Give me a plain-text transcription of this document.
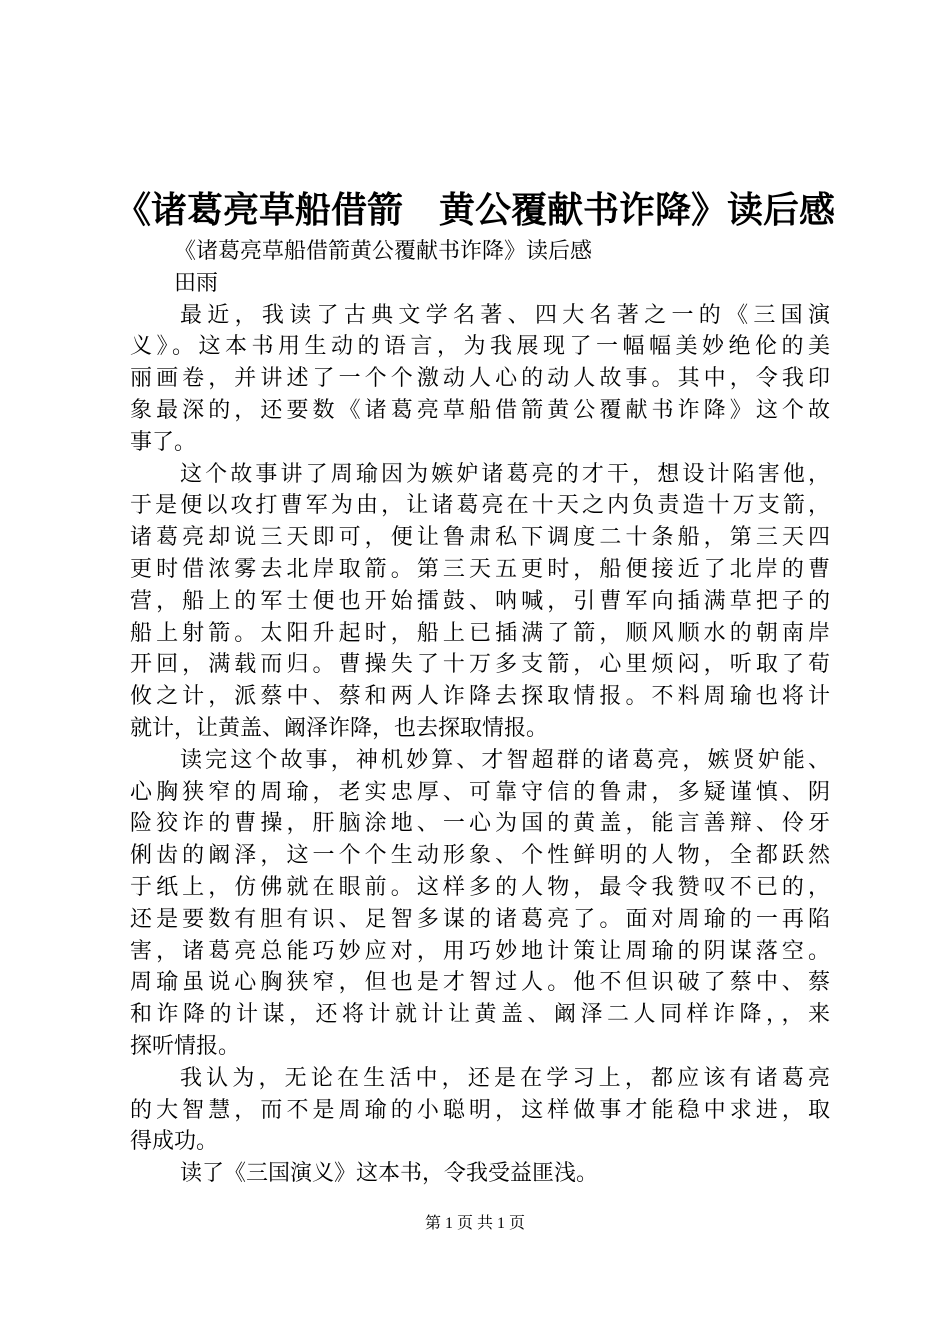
《诸葛亮草船借箭　黄公覆献书诈降》读后感
《诸葛亮草船借箭黄公覆献书诈降》读后感
田雨
最近，我读了古典文学名著、四大名著之一的《三国演
义》。这本书用生动的语言，为我展现了一幅幅美妙绝伦的美
丽画卷，并讲述了一个个激动人心的动人故事。其中，令我印
象最深的，还要数《诸葛亮草船借箭黄公覆献书诈降》这个故
事了。
这个故事讲了周瑜因为嫉妒诸葛亮的才干，想设计陷害他，
于是便以攻打曹军为由，让诸葛亮在十天之内负责造十万支箭，
诸葛亮却说三天即可，便让鲁肃私下调度二十条船，第三天四
更时借浓雾去北岸取箭。第三天五更时，船便接近了北岸的曹
营，船上的军士便也开始擂鼓、呐喊，引曹军向插满草把子的
船上射箭。太阳升起时，船上已插满了箭，顺风顺水的朝南岸
开回，满载而归。曹操失了十万多支箭，心里烦闷，听取了荀
攸之计，派蔡中、蔡和两人诈降去探取情报。不料周瑜也将计
就计，让黄盖、阚泽诈降，也去探取情报。
读完这个故事，神机妙算、才智超群的诸葛亮，嫉贤妒能、
心胸狭窄的周瑜，老实忠厚、可靠守信的鲁肃，多疑谨慎、阴
险狡诈的曹操，肝脑涂地、一心为国的黄盖，能言善辩、伶牙
俐齿的阚泽，这一个个生动形象、个性鲜明的人物，全都跃然
于纸上，仿佛就在眼前。这样多的人物，最令我赞叹不已的，
还是要数有胆有识、足智多谋的诸葛亮了。面对周瑜的一再陷
害，诸葛亮总能巧妙应对，用巧妙地计策让周瑜的阴谋落空。
周瑜虽说心胸狭窄，但也是才智过人。他不但识破了蔡中、蔡
和诈降的计谋，还将计就计让黄盖、阚泽二人同样诈降，，来
探听情报。
我认为，无论在生活中，还是在学习上，都应该有诸葛亮
的大智慧，而不是周瑜的小聪明，这样做事才能稳中求进，取
得成功。
读了《三国演义》这本书，令我受益匪浅。
第 1 页 共 1 页
